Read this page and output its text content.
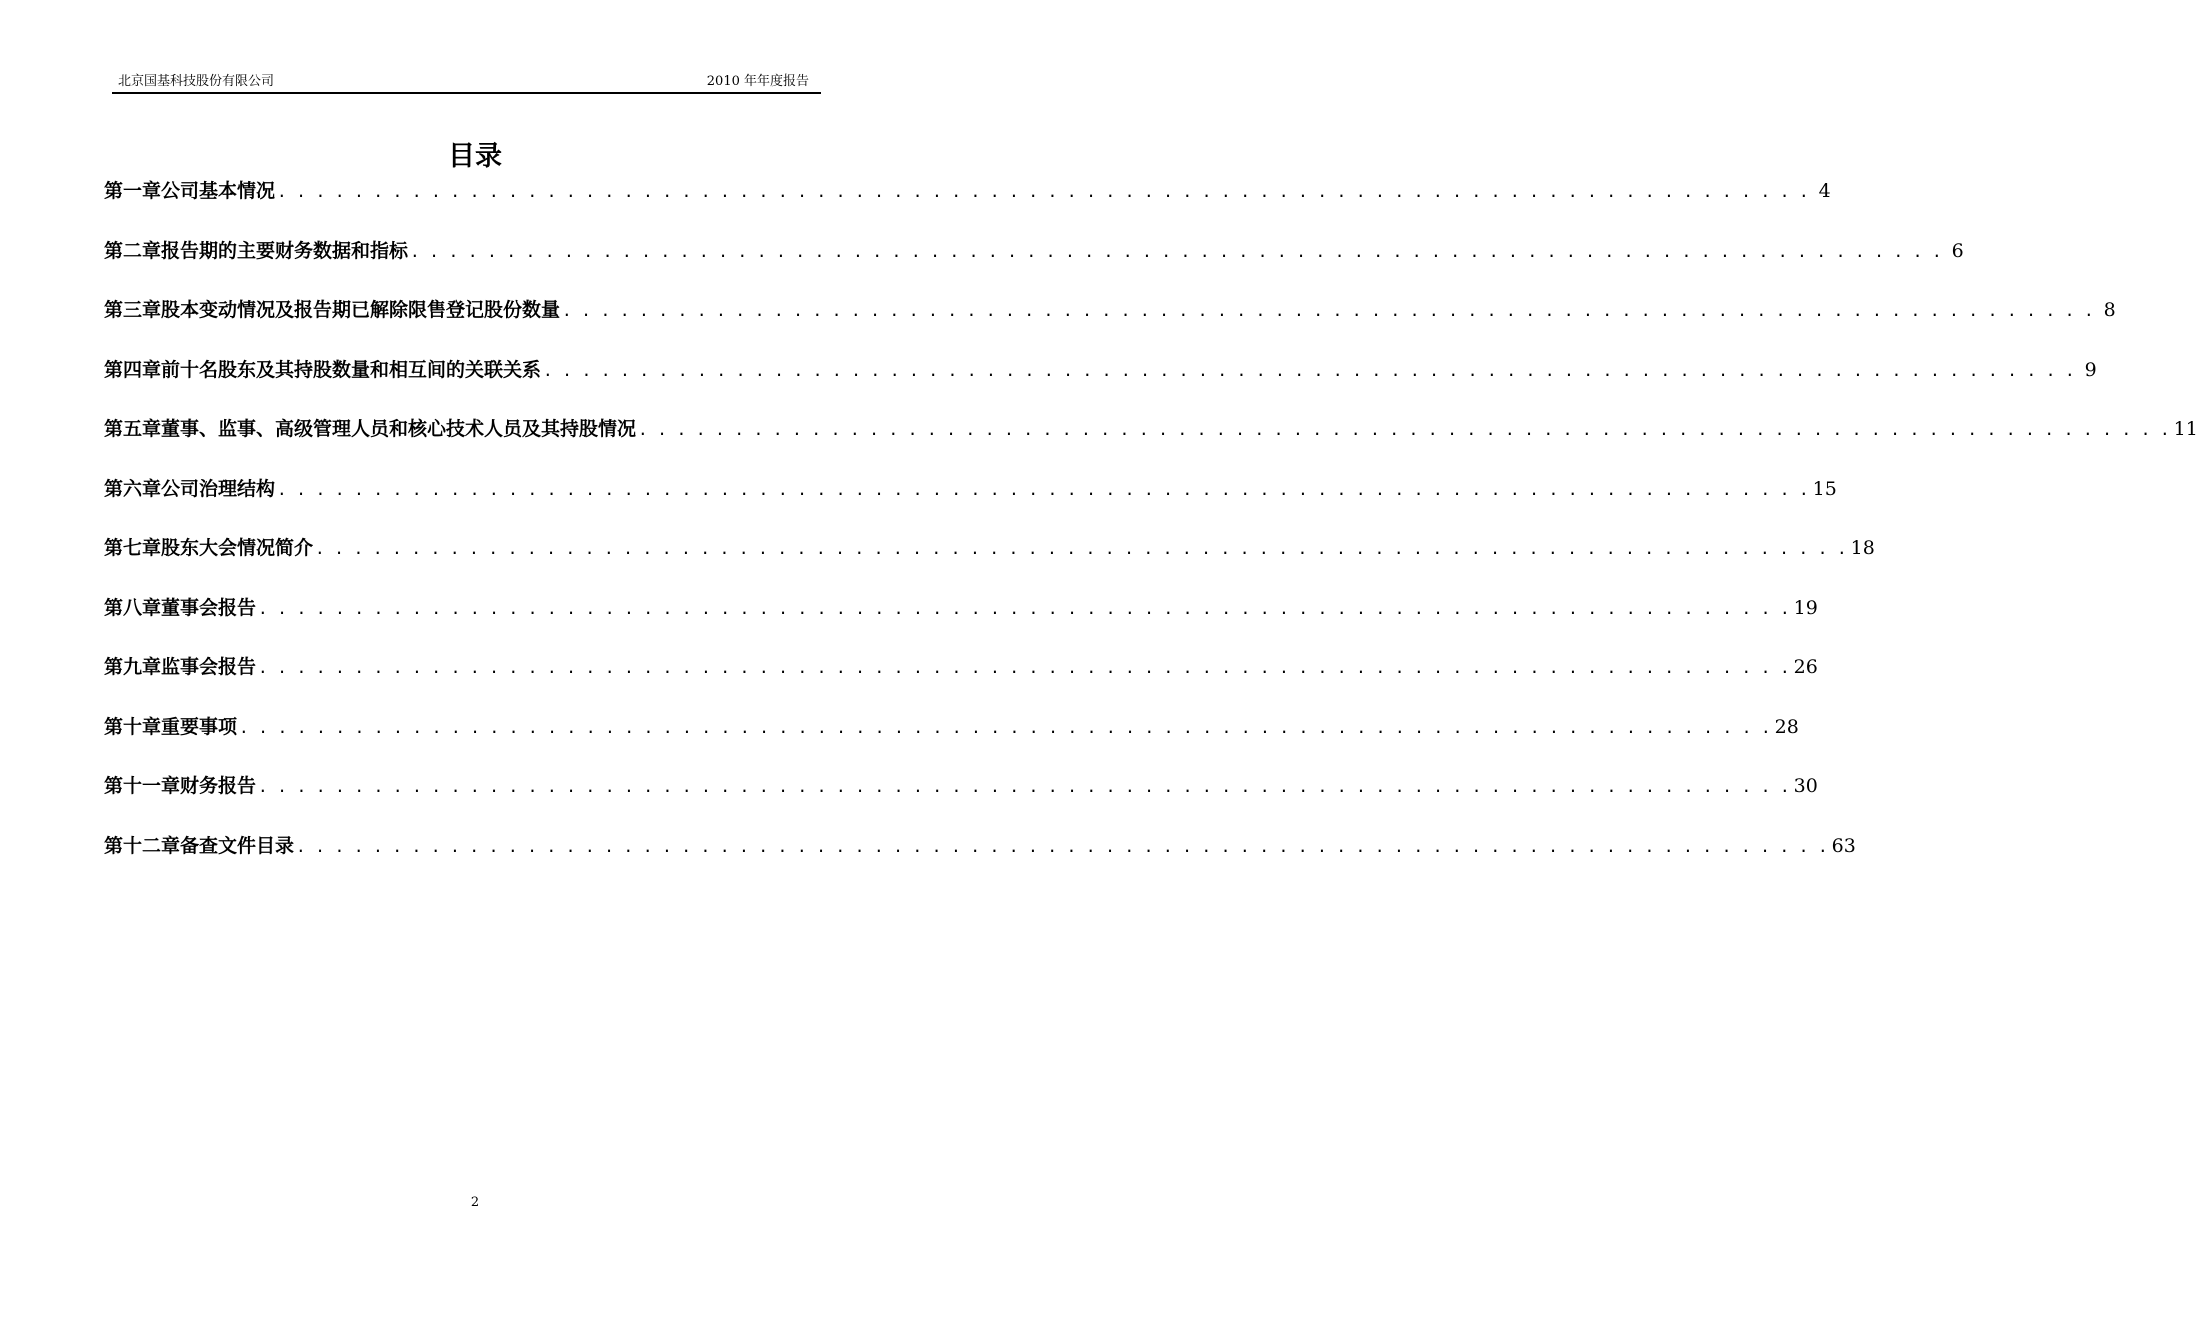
北京国基科技股份有限公司	2010 年年度报告
目录
第一章 公司基本情况 . . .	4
第二章 报告期的主要财务数据和指标 . . .	6
第三章 股本变动情况及报告期已解除限售登记股份数量 . . .	8
第四章 前十名股东及其持股数量和相互间的关联关系 . . .	9
第五章 董事、监事、高级管理人员和核心技术人员及其持股情况 . . .	11
第六章 公司治理结构 . . .	15
第七章 股东大会情况简介 . . .	18
第八章 董事会报告 . . .	19
第九章 监事会报告 . . .	26
第十章 重要事项 . . .	28
第十一章 财务报告 . . .	30
第十二章 备查文件目录 . . .	63
2
